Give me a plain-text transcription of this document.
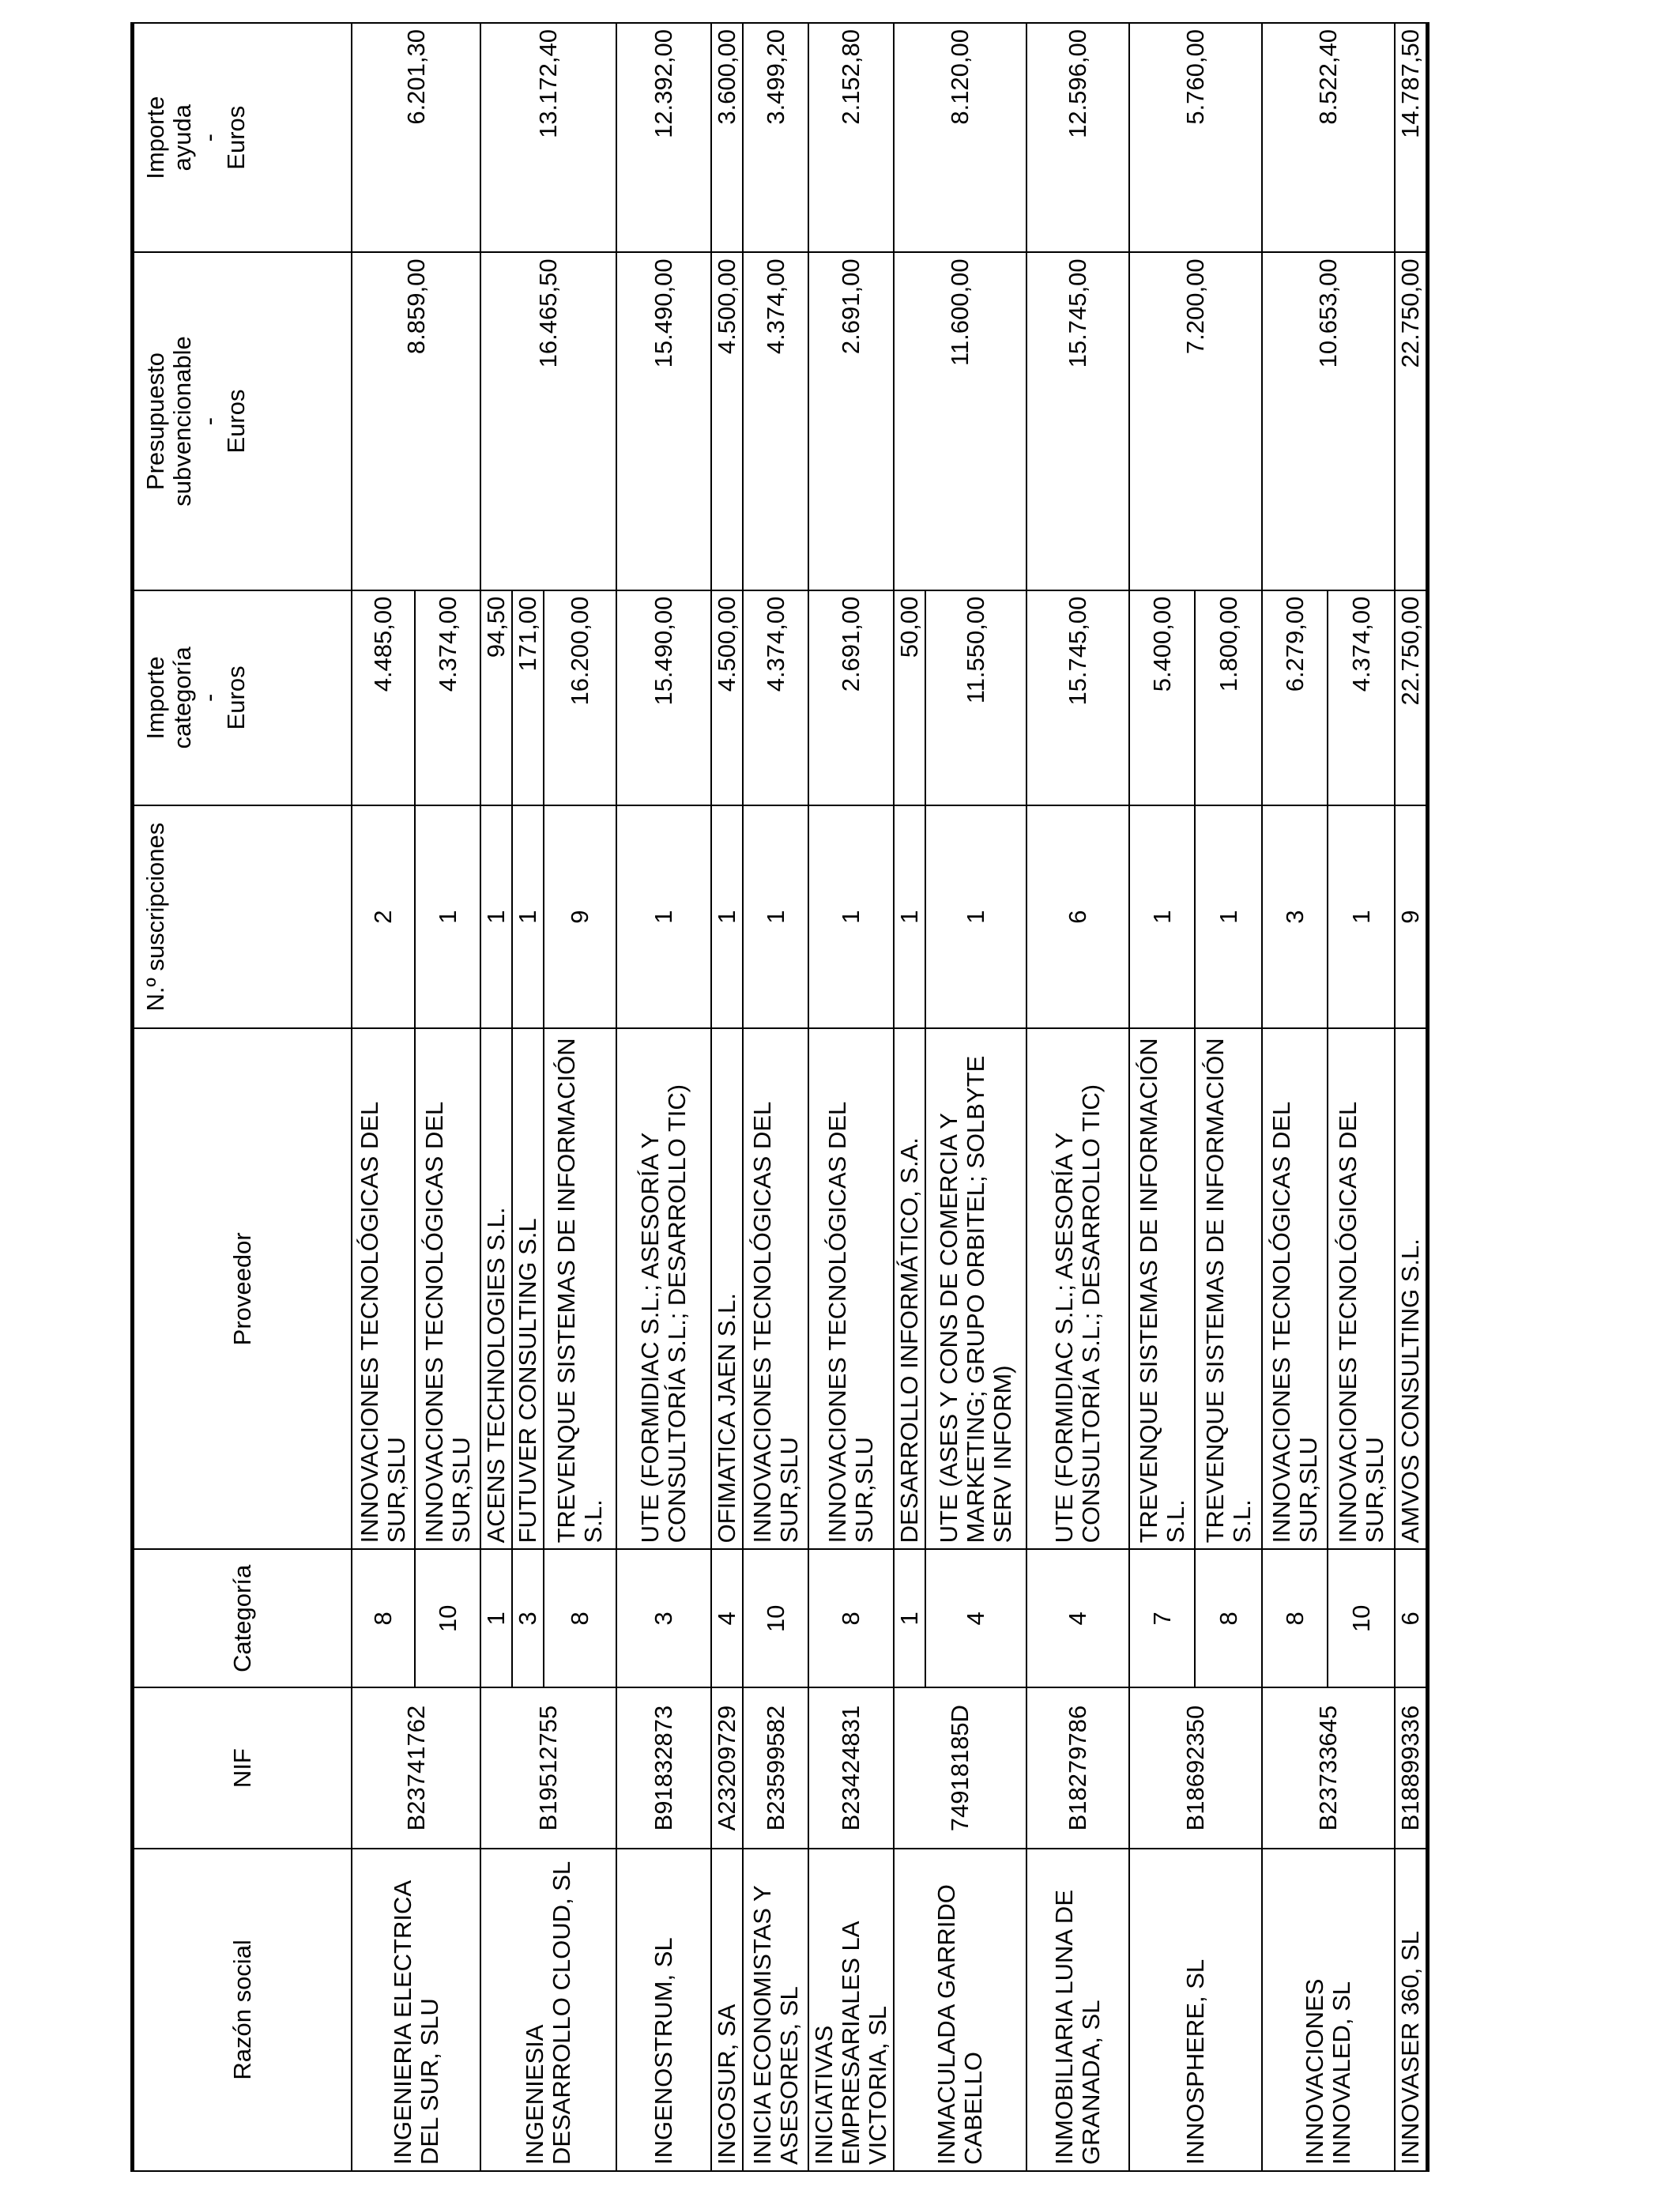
Razón social	NIF	Categoría	Proveedor	N.º suscripciones	Importe categoría - Euros	Presupuesto subvencionable - Euros	Importe ayuda - Euros

INGENIERIA ELECTRICA DEL SUR, SLU	B23741762	8	INNOVACIONES TECNOLÓGICAS DEL SUR,SLU	2	4.485,00	8.859,00	6.201,30
		10	INNOVACIONES TECNOLÓGICAS DEL SUR,SLU	1	4.374,00		
INGENIESIA DESARROLLO CLOUD, SL	B19512755	1	ACENS TECHNOLOGIES S.L.	1	94,50	16.465,50	13.172,40
		3	FUTUVER CONSULTING S.L	1	171,00		
		8	TREVENQUE SISTEMAS DE INFORMACIÓN S.L.	9	16.200,00		
INGENOSTRUM, SL	B91832873	3	UTE (FORMIDIAC S.L.; ASESORÍA Y CONSULTORÍA S.L.; DESARROLLO TIC)	1	15.490,00	15.490,00	12.392,00
INGOSUR, SA	A23209729	4	OFIMATICA JAEN S.L.	1	4.500,00	4.500,00	3.600,00
INICIA ECONOMISTAS Y ASESORES, SL	B23599582	10	INNOVACIONES TECNOLÓGICAS DEL SUR,SLU	1	4.374,00	4.374,00	3.499,20
INICIATIVAS EMPRESARIALES LA VICTORIA, SL	B23424831	8	INNOVACIONES TECNOLÓGICAS DEL SUR,SLU	1	2.691,00	2.691,00	2.152,80
INMACULADA GARRIDO CABELLO	74918185D	1	DESARROLLO INFORMÁTICO, S.A.	1	50,00	11.600,00	8.120,00
		4	UTE (ASES Y CONS DE COMERCIA Y MARKETING; GRUPO ORBITEL; SOLBYTE SERV INFORM)	1	11.550,00		
INMOBILIARIA LUNA DE GRANADA, SL	B18279786	4	UTE (FORMIDIAC S.L.; ASESORÍA Y CONSULTORÍA S.L.; DESARROLLO TIC)	6	15.745,00	15.745,00	12.596,00
INNOSPHERE, SL	B18692350	7	TREVENQUE SISTEMAS DE INFORMACIÓN S.L.	1	5.400,00	7.200,00	5.760,00
		8	TREVENQUE SISTEMAS DE INFORMACIÓN S.L.	1	1.800,00		
INNOVACIONES INNOVALED, SL	B23733645	8	INNOVACIONES TECNOLÓGICAS DEL SUR,SLU	3	6.279,00	10.653,00	8.522,40
		10	INNOVACIONES TECNOLÓGICAS DEL SUR,SLU	1	4.374,00		
INNOVASER 360, SL	B18899336	6	AMVOS CONSULTING S.L.	9	22.750,00	22.750,00	14.787,50
